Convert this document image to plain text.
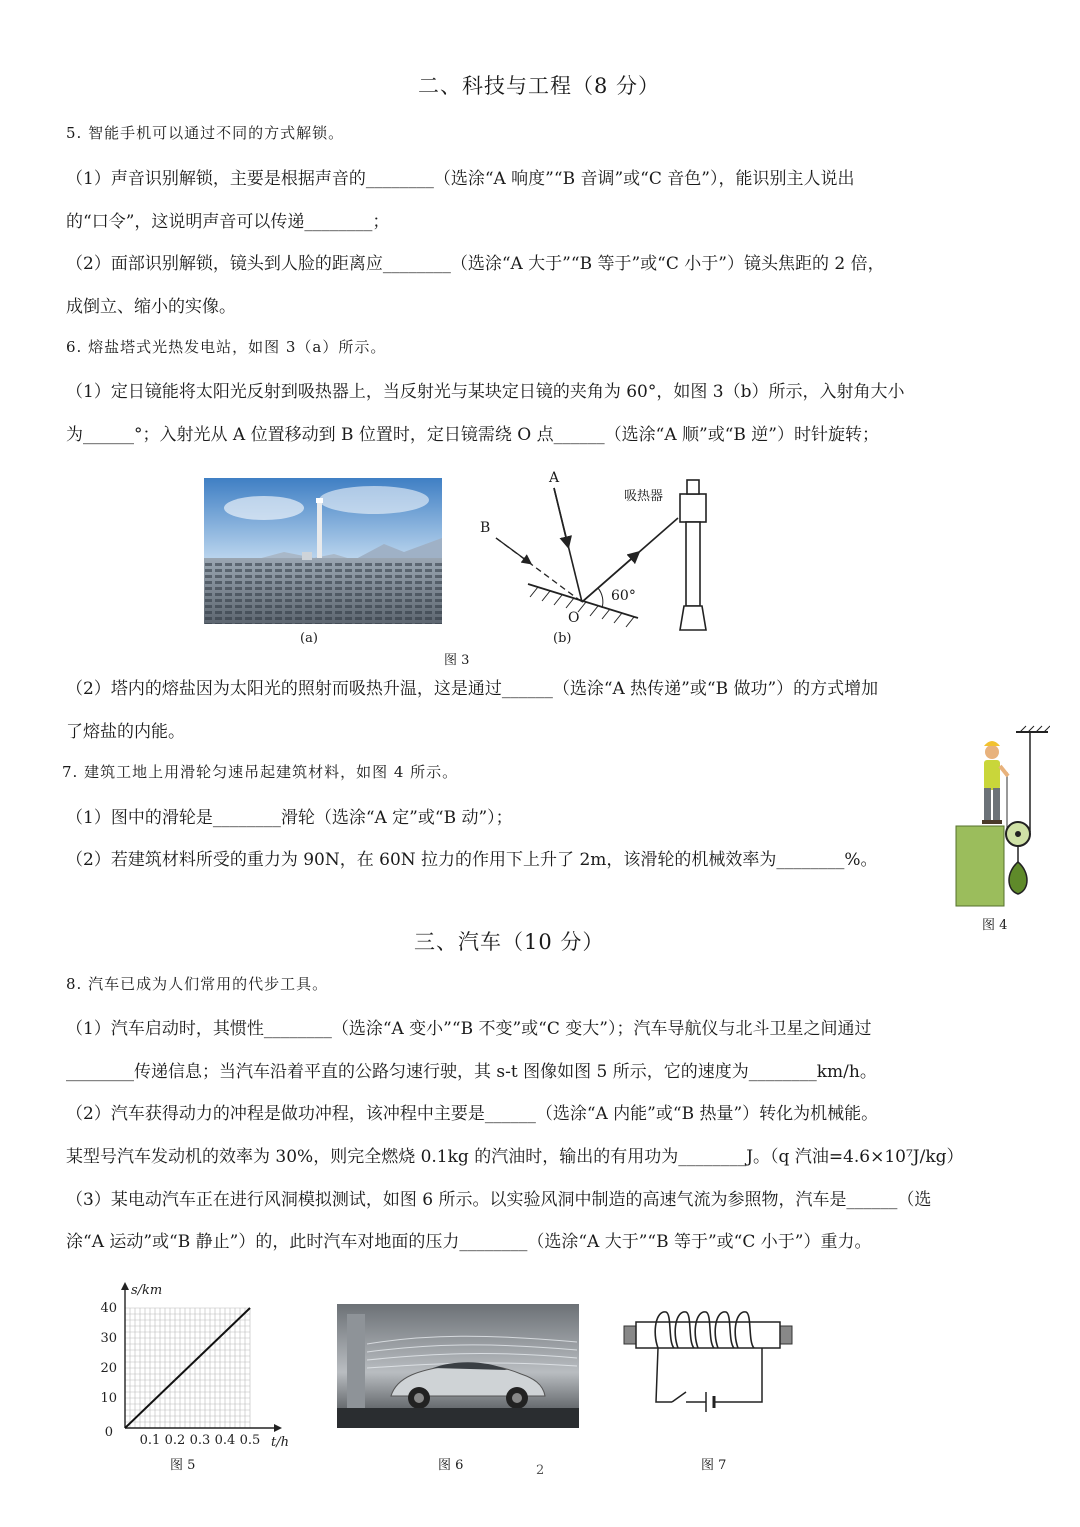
二、科技与工程（8 分）
5. 智能手机可以通过不同的方式解锁。
（1）声音识别解锁，主要是根据声音的________（选涂“A 响度”“B 音调”或“C 音色”），能识别主人说出
的“口令”，这说明声音可以传递________；
（2）面部识别解锁，镜头到人脸的距离应________（选涂“A 大于”“B 等于”或“C 小于”）镜头焦距的 2 倍，
成倒立、缩小的实像。
6. 熔盐塔式光热发电站，如图 3（a）所示。
（1）定日镜能将太阳光反射到吸热器上，当反射光与某块定日镜的夹角为 60°，如图 3（b）所示，入射角大小
为______°；入射光从 A 位置移动到 B 位置时，定日镜需绕 O 点______（选涂“A 顺”或“B 逆”）时针旋转；
(a)
A
B
O
60°
吸热器
(b)
图 3
（2）塔内的熔盐因为太阳光的照射而吸热升温，这是通过______（选涂“A 热传递”或“B 做功”）的方式增加
了熔盐的内能。
7. 建筑工地上用滑轮匀速吊起建筑材料，如图 4 所示。
（1）图中的滑轮是________滑轮（选涂“A 定”或“B 动”）；
（2）若建筑材料所受的重力为 90N，在 60N 拉力的作用下上升了 2m，该滑轮的机械效率为________%。
图 4
三、汽车（10 分）
8. 汽车已成为人们常用的代步工具。
（1）汽车启动时，其惯性________（选涂“A 变小”“B 不变”或“C 变大”）；汽车导航仪与北斗卫星之间通过
________传递信息；当汽车沿着平直的公路匀速行驶，其 s-t 图像如图 5 所示，它的速度为________km/h。
（2）汽车获得动力的冲程是做功冲程，该冲程中主要是______（选涂“A 内能”或“B 热量”）转化为机械能。
某型号汽车发动机的效率为 30%，则完全燃烧 0.1kg 的汽油时，输出的有用功为________J。（q 汽油=4.6×10⁷J/kg）
（3）某电动汽车正在进行风洞模拟测试，如图 6 所示。以实验风洞中制造的高速气流为参照物，汽车是______（选
涂“A 运动”或“B 静止”）的，此时汽车对地面的压力________（选涂“A 大于”“B 等于”或“C 小于”）重力。
0.1 0.2 0.3 0.4 0.5
10
20
30
40
0
t/h
s/km
图 5	图 6	图 7
2
